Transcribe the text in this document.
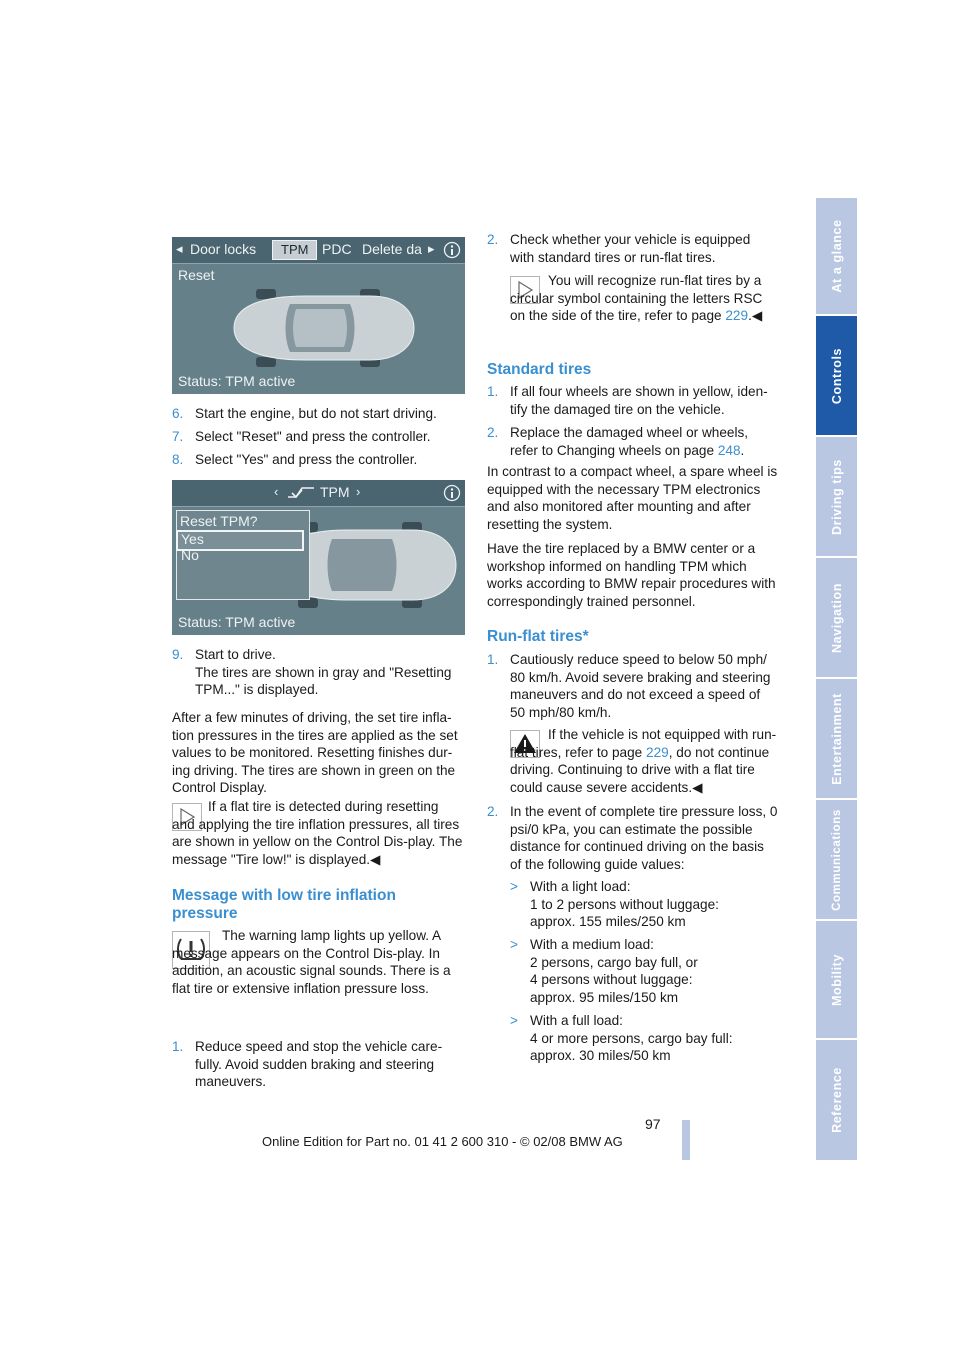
At a glance
Controls
Driving tips
Navigation
Entertainment
Communications
Mobility
Reference
◂ Door locks	TPM PDC Delete da ▸
Reset
Status: TPM active
6. Start the engine, but do not start driving.
7. Select "Reset" and press the controller.
8. Select "Yes" and press the controller.
‹	TPM ›
Reset TPM?
Yes
No
Status: TPM active
9. Start to drive.
The tires are shown in gray and "Resetting TPM..." is displayed.

After a few minutes of driving, the set tire infla-tion pressures in the tires are applied as the set values to be monitored. Resetting finishes dur-ing driving. The tires are shown in green on the Control Display.

If a flat tire is detected during resetting and applying the tire inflation pressures, all tires are shown in yellow on the Control Dis-play. The message "Tire low!" is displayed.◀

Message with low tire inflation pressure

The warning lamp lights up yellow. A message appears on the Control Dis-play. In addition, an acoustic signal sounds. There is a flat tire or extensive inflation pressure loss.

1. Reduce speed and stop the vehicle care-fully. Avoid sudden braking and steering maneuvers.
2. Check whether your vehicle is equipped with standard tires or run-flat tires.

You will recognize run-flat tires by a circular symbol containing the letters RSC on the side of the tire, refer to page 229.◀

Standard tires

1. If all four wheels are shown in yellow, iden-tify the damaged tire on the vehicle.
2. Replace the damaged wheel or wheels, refer to Changing wheels on page 248.

In contrast to a compact wheel, a spare wheel is equipped with the necessary TPM electronics and also monitored after mounting and after resetting the system.

Have the tire replaced by a BMW center or a workshop informed on handling TPM which works according to BMW repair procedures with correspondingly trained personnel.

Run-flat tires*

1. Cautiously reduce speed to below 50 mph/ 80 km/h. Avoid severe braking and steering maneuvers and do not exceed a speed of 50 mph/80 km/h.

If the vehicle is not equipped with run-flat tires, refer to page 229, do not continue driving. Continuing to drive with a flat tire could cause severe accidents.◀

2. In the event of complete tire pressure loss, 0 psi/0 kPa, you can estimate the possible distance for continued driving on the basis of the following guide values:
> With a light load:
1 to 2 persons without luggage:
approx. 155 miles/250 km
> With a medium load:
2 persons, cargo bay full, or
4 persons without luggage:
approx. 95 miles/150 km
> With a full load:
4 or more persons, cargo bay full:
approx. 30 miles/50 km
97
Online Edition for Part no. 01 41 2 600 310 - © 02/08 BMW AG
